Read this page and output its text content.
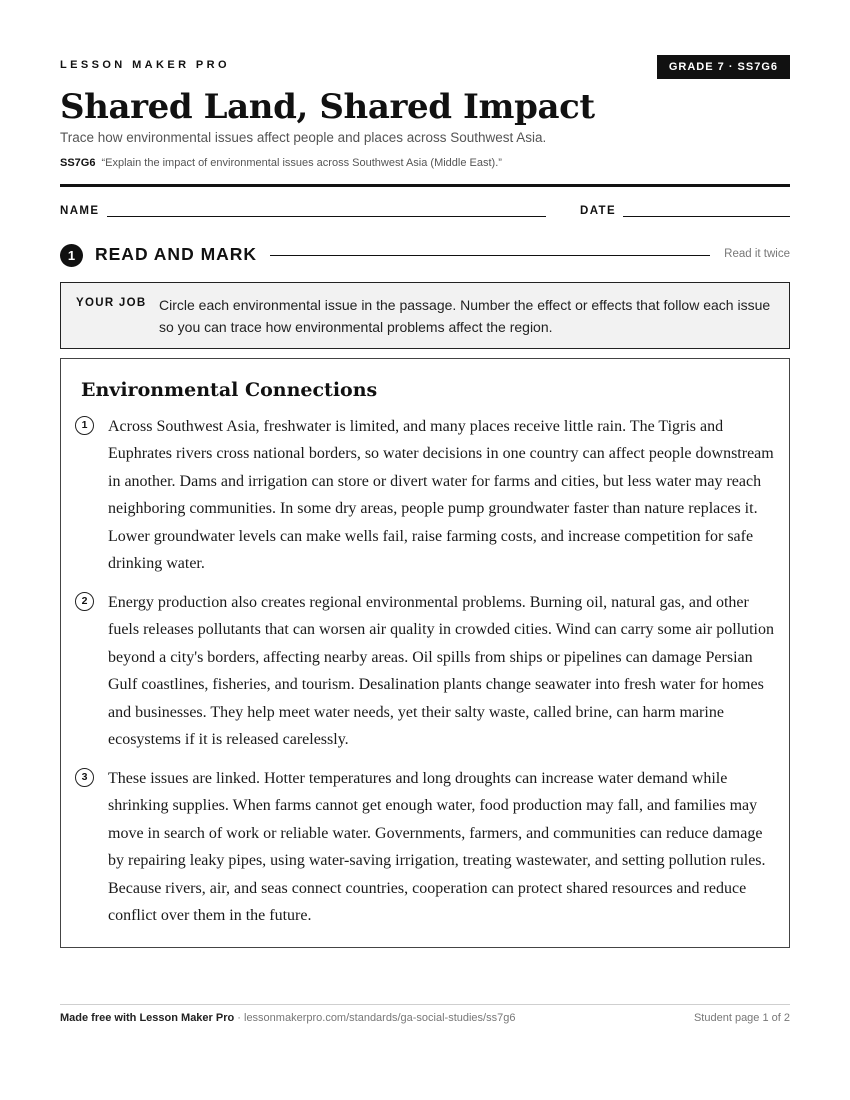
LESSON MAKER PRO	GRADE 7 · SS7G6
Shared Land, Shared Impact
Trace how environmental issues affect people and places across Southwest Asia.
SS7G6 “Explain the impact of environmental issues across Southwest Asia (Middle East).”
NAME	DATE
1	READ AND MARK	Read it twice
YOUR JOB Circle each environmental issue in the passage. Number the effect or effects that follow each issue so you can trace how environmental problems affect the region.
Environmental Connections
1	Across Southwest Asia, freshwater is limited, and many places receive little rain. The Tigris and Euphrates rivers cross national borders, so water decisions in one country can affect people downstream in another. Dams and irrigation can store or divert water for farms and cities, but less water may reach neighboring communities. In some dry areas, people pump groundwater faster than nature replaces it. Lower groundwater levels can make wells fail, raise farming costs, and increase competition for safe drinking water.

2	Energy production also creates regional environmental problems. Burning oil, natural gas, and other fuels releases pollutants that can worsen air quality in crowded cities. Wind can carry some air pollution beyond a city's borders, affecting nearby areas. Oil spills from ships or pipelines can damage Persian Gulf coastlines, fisheries, and tourism. Desalination plants change seawater into fresh water for homes and businesses. They help meet water needs, yet their salty waste, called brine, can harm marine ecosystems if it is released carelessly.

3	These issues are linked. Hotter temperatures and long droughts can increase water demand while shrinking supplies. When farms cannot get enough water, food production may fall, and families may move in search of work or reliable water. Governments, farmers, and communities can reduce damage by repairing leaky pipes, using water-saving irrigation, treating wastewater, and setting pollution rules. Because rivers, air, and seas connect countries, cooperation can protect shared resources and reduce conflict over them in the future.

Made free with Lesson Maker Pro · lessonmakerpro.com/standards/ga-social-studies/ss7g6	Student page 1 of 2
